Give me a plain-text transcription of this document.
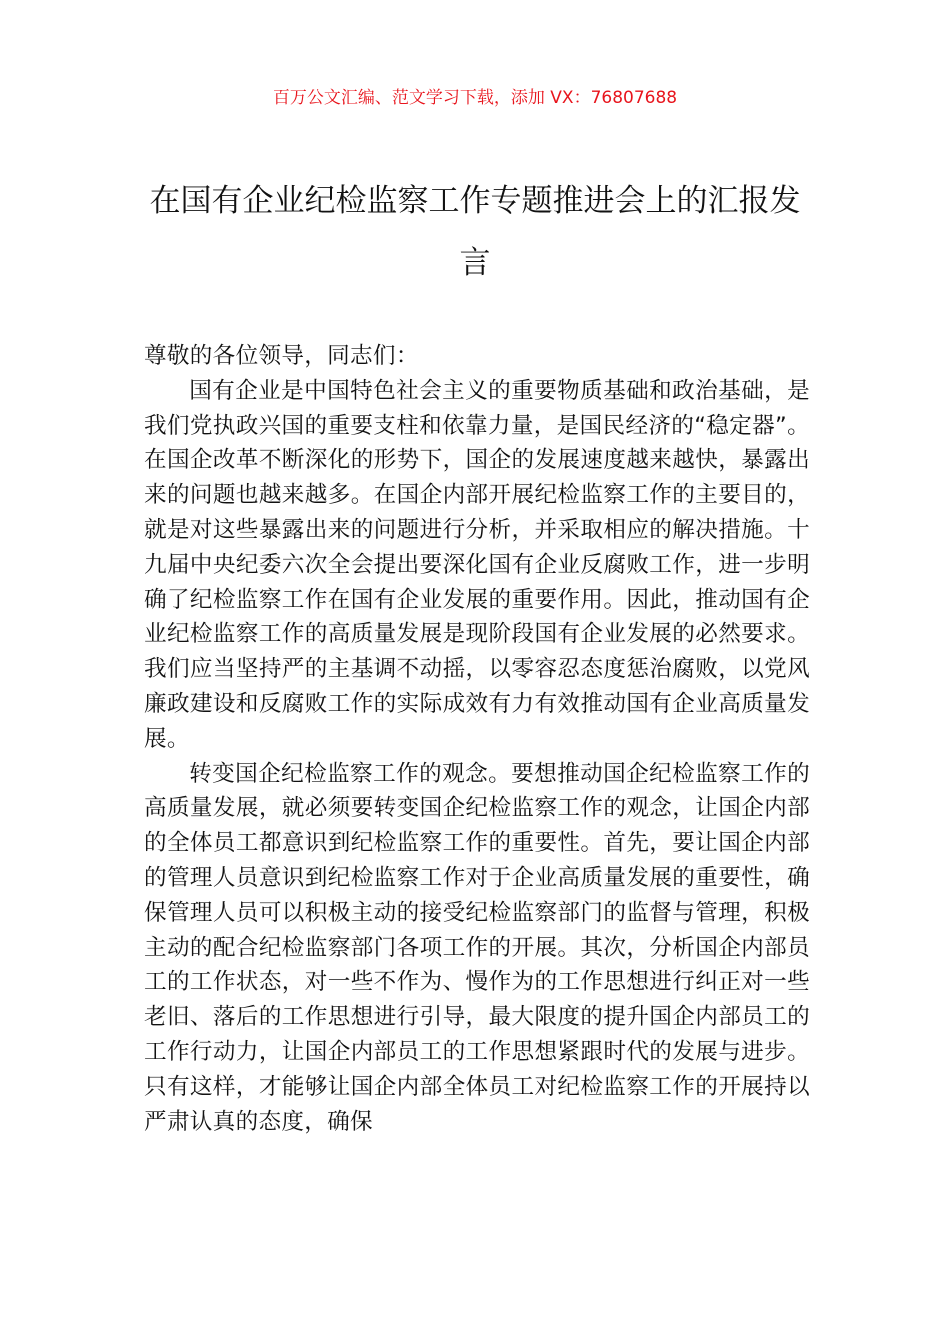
百万公文汇编、范文学习下载，添加 VX：76807688
在国有企业纪检监察工作专题推进会上的汇报发言

尊敬的各位领导，同志们：

国有企业是中国特色社会主义的重要物质基础和政治基础，是我们党执政兴国的重要支柱和依靠力量，是国民经济的“稳定器”。在国企改革不断深化的形势下，国企的发展速度越来越快，暴露出来的问题也越来越多。在国企内部开展纪检监察工作的主要目的，就是对这些暴露出来的问题进行分析，并采取相应的解决措施。十九届中央纪委六次全会提出要深化国有企业反腐败工作，进一步明确了纪检监察工作在国有企业发展的重要作用。因此，推动国有企业纪检监察工作的高质量发展是现阶段国有企业发展的必然要求。我们应当坚持严的主基调不动摇，以零容忍态度惩治腐败，以党风廉政建设和反腐败工作的实际成效有力有效推动国有企业高质量发展。

转变国企纪检监察工作的观念。要想推动国企纪检监察工作的高质量发展，就必须要转变国企纪检监察工作的观念，让国企内部的全体员工都意识到纪检监察工作的重要性。首先，要让国企内部的管理人员意识到纪检监察工作对于企业高质量发展的重要性，确保管理人员可以积极主动的接受纪检监察部门的监督与管理，积极主动的配合纪检监察部门各项工作的开展。其次，分析国企内部员工的工作状态，对一些不作为、慢作为的工作思想进行纠正对一些老旧、落后的工作思想进行引导，最大限度的提升国企内部员工的工作行动力，让国企内部员工的工作思想紧跟时代的发展与进步。只有这样，才能够让国企内部全体员工对纪检监察工作的开展持以严肃认真的态度，确保
